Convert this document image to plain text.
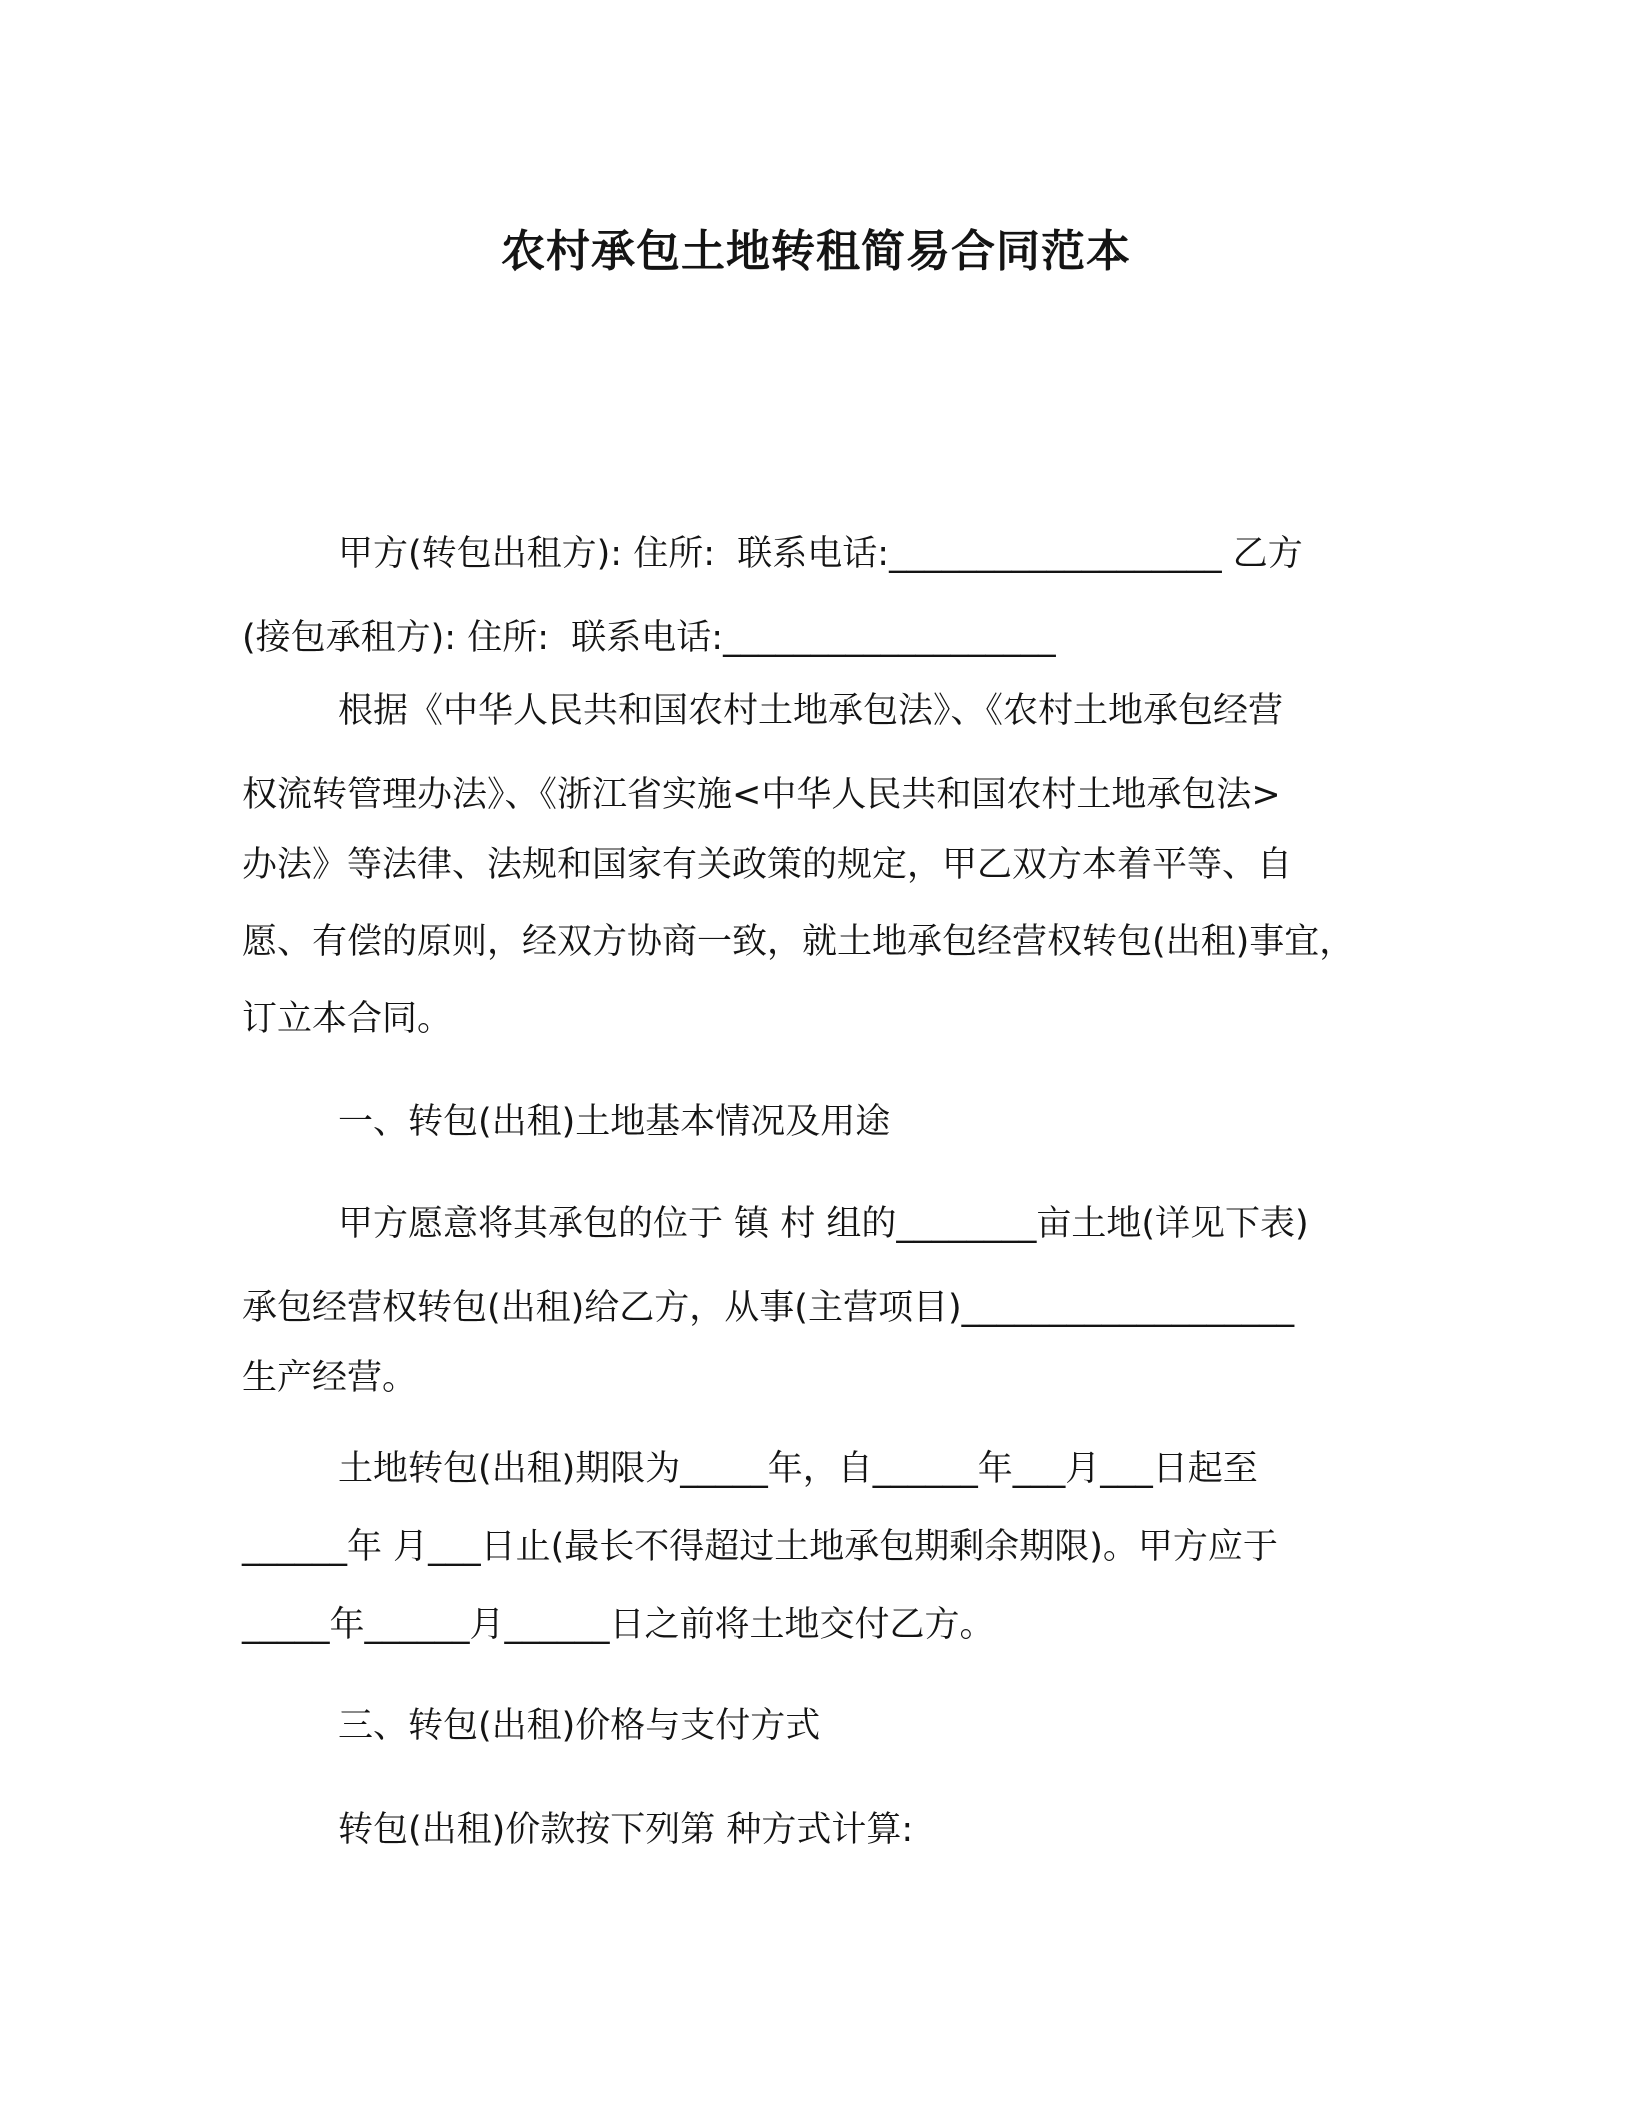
农村承包土地转租简易合同范本

甲方(转包出租方): 住所:  联系电话:___________________ 乙方

(接包承租方): 住所:  联系电话:___________________

根据《中华人民共和国农村土地承包法》、《农村土地承包经营

权流转管理办法》、《浙江省实施<中华人民共和国农村土地承包法>

办法》等法律、法规和国家有关政策的规定，甲乙双方本着平等、自

愿、有偿的原则，经双方协商一致，就土地承包经营权转包(出租)事宜，

订立本合同。

一、转包(出租)土地基本情况及用途

甲方愿意将其承包的位于 镇 村 组的________亩土地(详见下表)

承包经营权转包(出租)给乙方，从事(主营项目)___________________

生产经营。

土地转包(出租)期限为_____年，自______年___月___日起至

______年 月___日止(最长不得超过土地承包期剩余期限)。甲方应于

_____年______月______日之前将土地交付乙方。

三、转包(出租)价格与支付方式

转包(出租)价款按下列第 种方式计算:
